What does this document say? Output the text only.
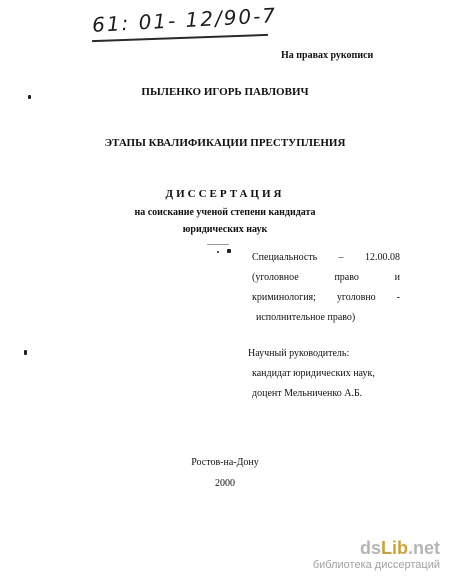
61: 01- 12/90-7
На правах рукописи
ПЫЛЕНКО ИГОРЬ ПАВЛОВИЧ
ЭТАПЫ КВАЛИФИКАЦИИ ПРЕСТУПЛЕНИЯ
ДИССЕРТАЦИЯ
на соискание ученой степени кандидата
юридических наук
Специальность – 12.00.08
(уголовное	право	и
криминология; уголовно -
исполнительное право)
Научный руководитель:
кандидат юридических наук,
доцент Мельниченко А.Б.
Ростов-на-Дону
2000
dsLib.net
библиотека диссертаций
